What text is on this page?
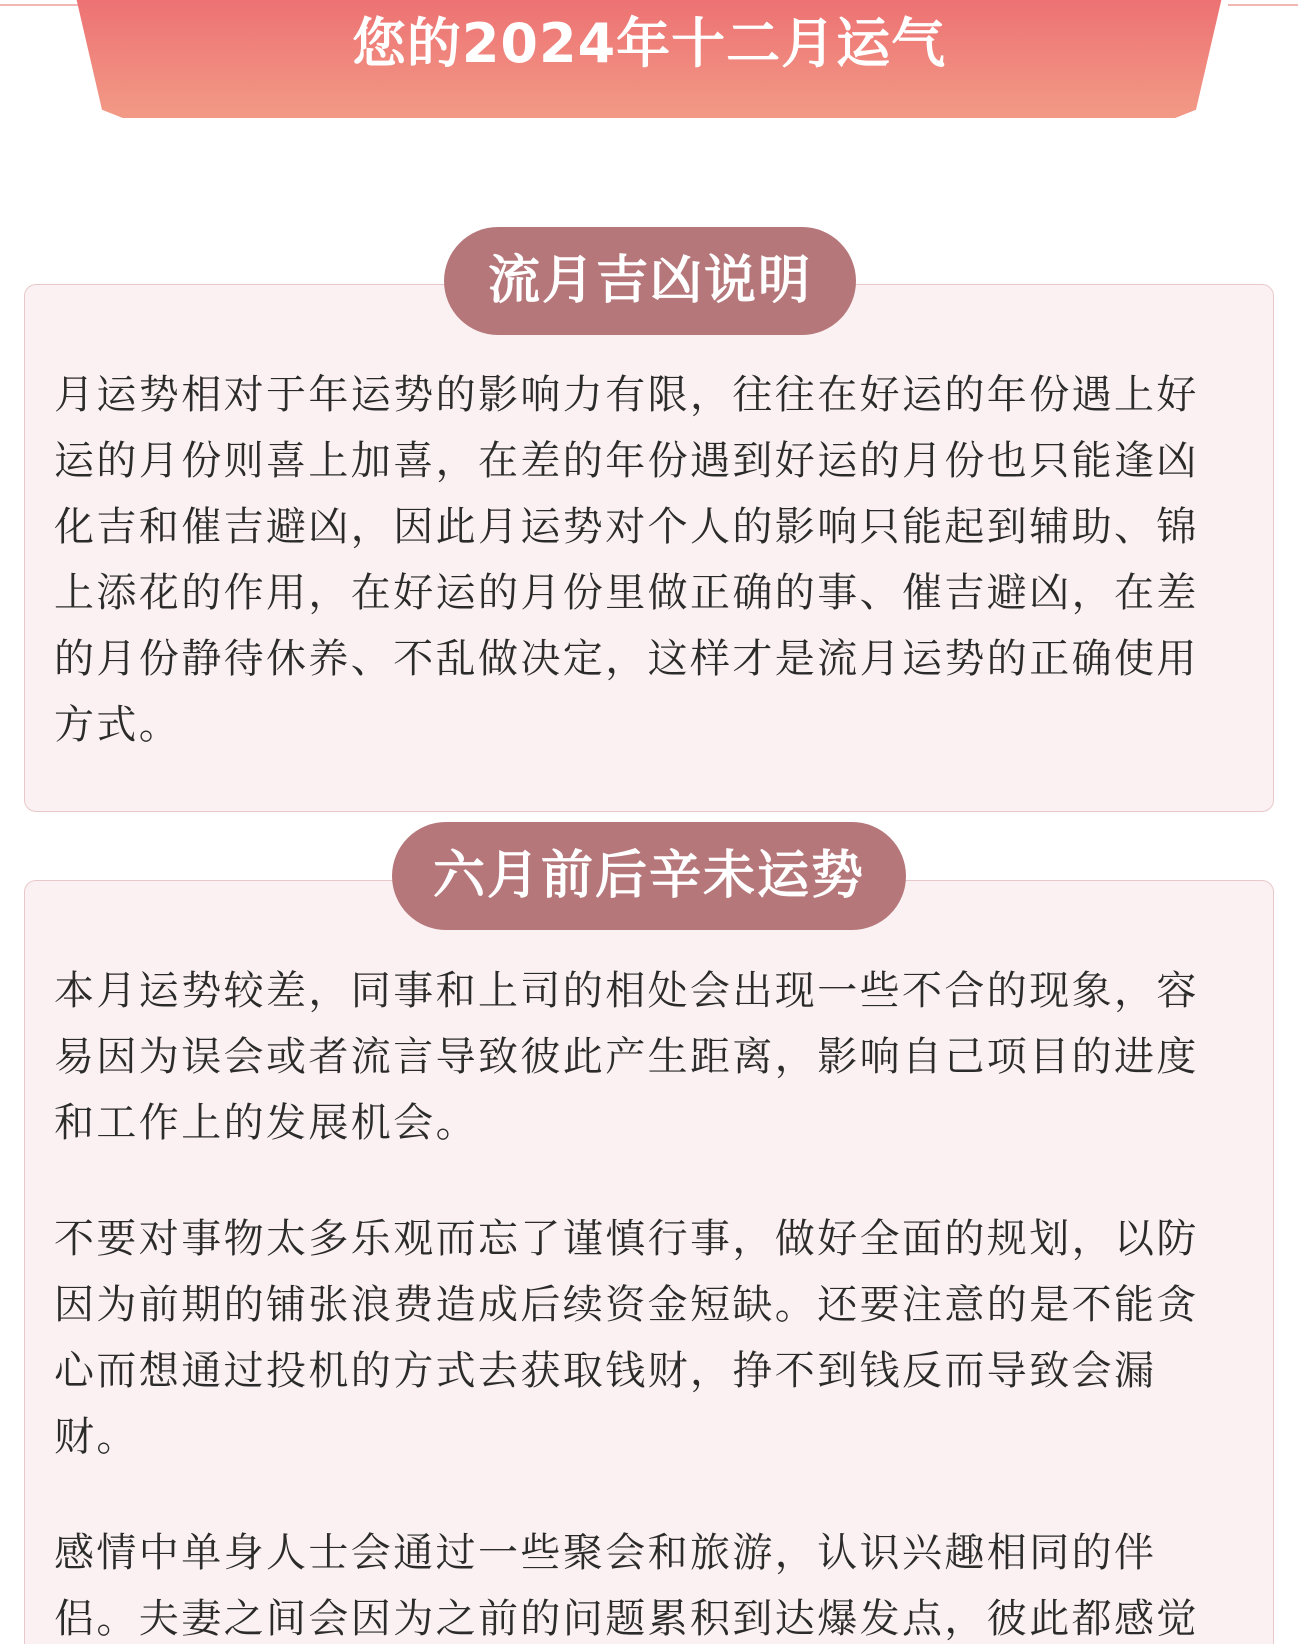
您的2024年十二月运气
流月吉凶说明

月运势相对于年运势的影响力有限，往往在好运的年份遇上好运的月份则喜上加喜，在差的年份遇到好运的月份也只能逢凶化吉和催吉避凶，因此月运势对个人的影响只能起到辅助、锦上添花的作用，在好运的月份里做正确的事、催吉避凶，在差的月份静待休养、不乱做决定，这样才是流月运势的正确使用方式。

六月前后辛未运势

本月运势较差，同事和上司的相处会出现一些不合的现象，容易因为误会或者流言导致彼此产生距离，影响自己项目的进度和工作上的发展机会。

不要对事物太多乐观而忘了谨慎行事，做好全面的规划，以防因为前期的铺张浪费造成后续资金短缺。还要注意的是不能贪心而想通过投机的方式去获取钱财，挣不到钱反而导致会漏财。

感情中单身人士会通过一些聚会和旅游，认识兴趣相同的伴侣。夫妻之间会因为之前的问题累积到达爆发点，彼此都感觉
